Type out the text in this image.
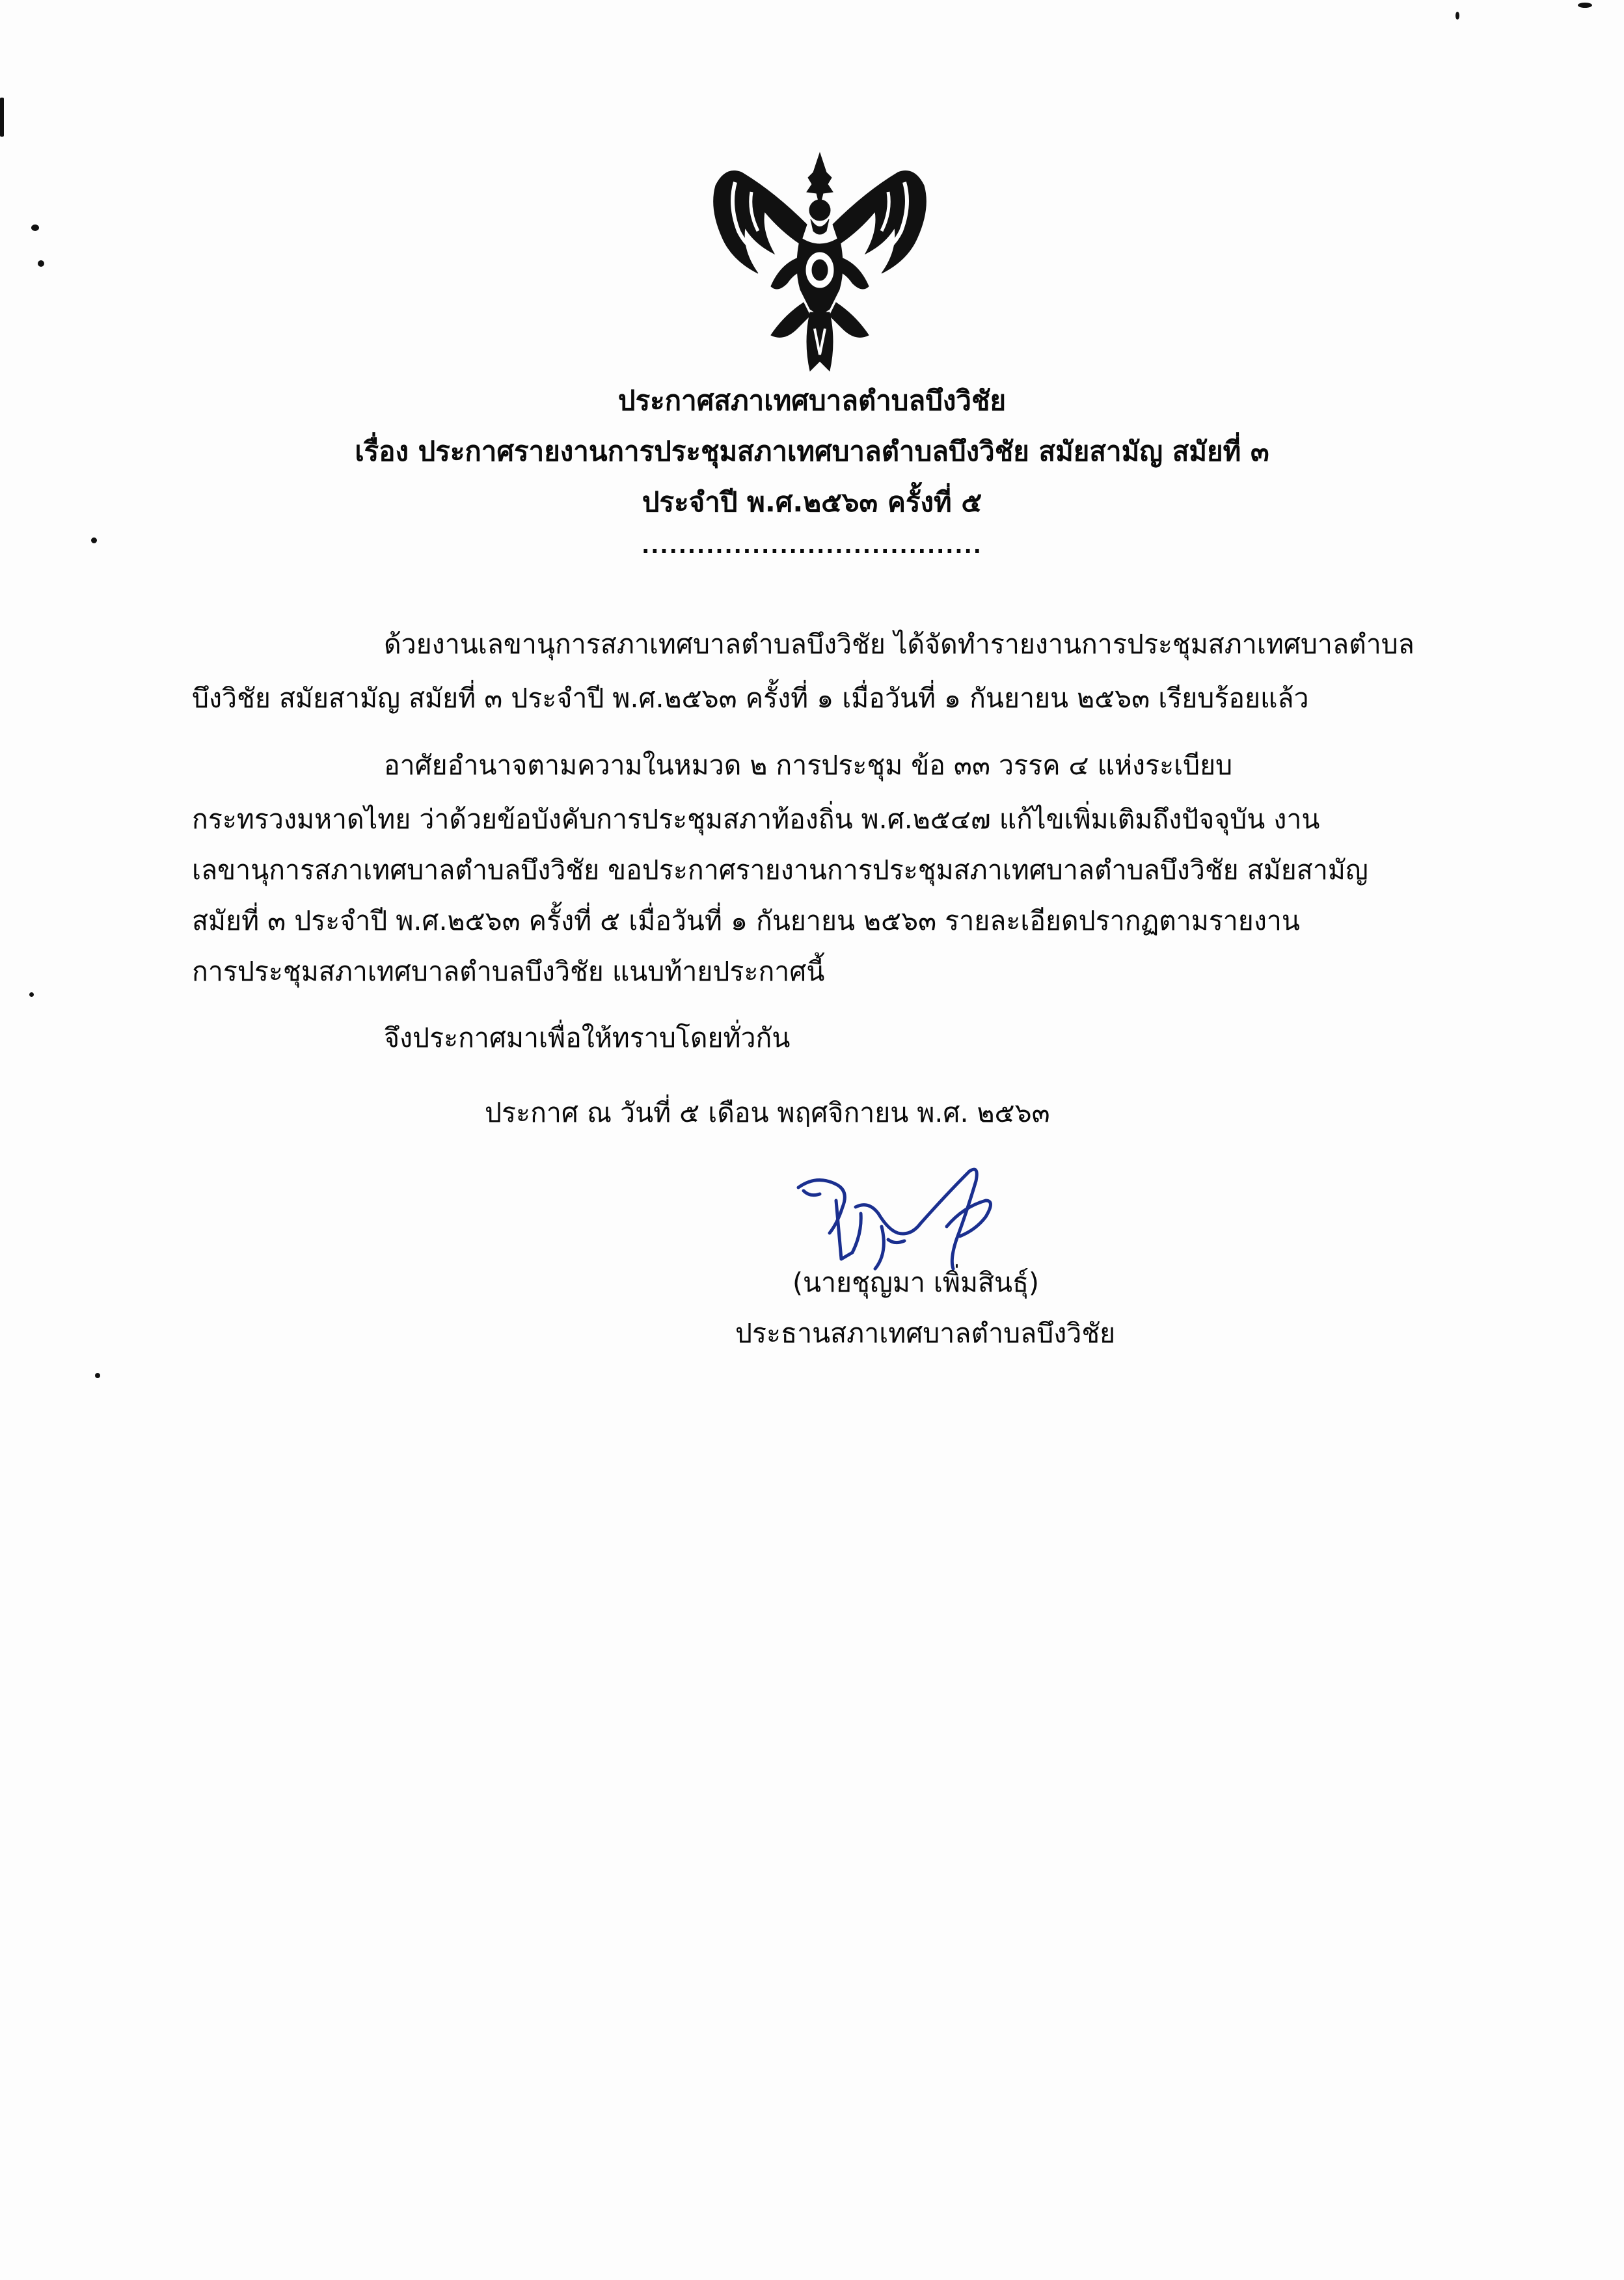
ประกาศสภาเทศบาลตำบลบึงวิชัย
เรื่อง ประกาศรายงานการประชุมสภาเทศบาลตำบลบึงวิชัย สมัยสามัญ สมัยที่ ๓
ประจำปี พ.ศ.๒๕๖๓ ครั้งที่ ๕
.....................................
ด้วยงานเลขานุการสภาเทศบาลตำบลบึงวิชัย ได้จัดทำรายงานการประชุมสภาเทศบาลตำบล
บึงวิชัย สมัยสามัญ สมัยที่ ๓ ประจำปี พ.ศ.๒๕๖๓ ครั้งที่ ๑ เมื่อวันที่ ๑ กันยายน ๒๕๖๓ เรียบร้อยแล้ว
อาศัยอำนาจตามความในหมวด ๒ การประชุม ข้อ ๓๓ วรรค ๔ แห่งระเบียบ
กระทรวงมหาดไทย ว่าด้วยข้อบังคับการประชุมสภาท้องถิ่น พ.ศ.๒๕๔๗ แก้ไขเพิ่มเติมถึงปัจจุบัน งาน
เลขานุการสภาเทศบาลตำบลบึงวิชัย ขอประกาศรายงานการประชุมสภาเทศบาลตำบลบึงวิชัย สมัยสามัญ
สมัยที่ ๓ ประจำปี พ.ศ.๒๕๖๓ ครั้งที่ ๕ เมื่อวันที่ ๑ กันยายน ๒๕๖๓ รายละเอียดปรากฏตามรายงาน
การประชุมสภาเทศบาลตำบลบึงวิชัย แนบท้ายประกาศนี้
จึงประกาศมาเพื่อให้ทราบโดยทั่วกัน
ประกาศ ณ วันที่ ๕ เดือน พฤศจิกายน พ.ศ. ๒๕๖๓
(นายชุญมา เพิ่มสินธุ์)
ประธานสภาเทศบาลตำบลบึงวิชัย
